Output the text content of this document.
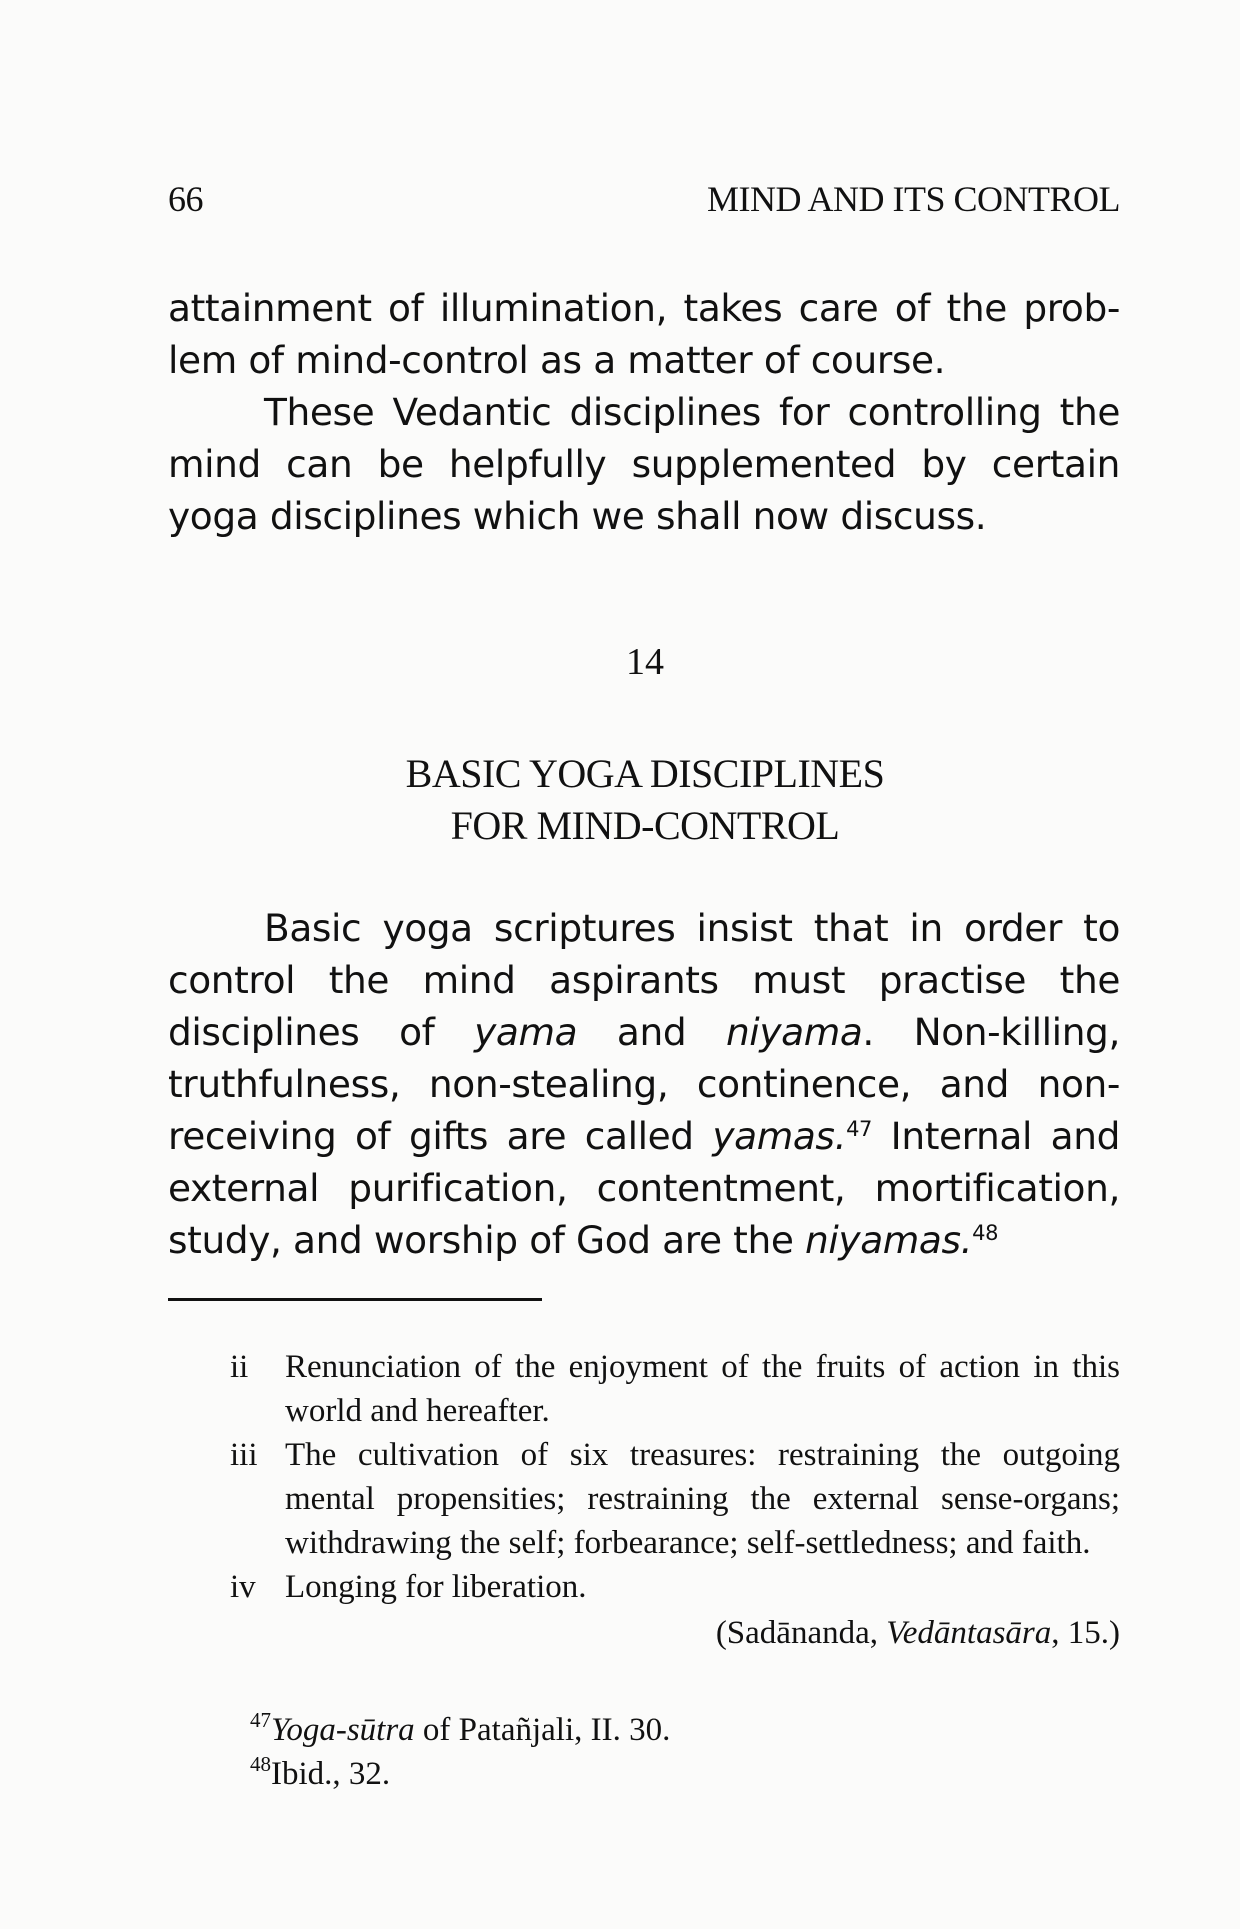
66	MIND AND ITS CONTROL
attainment of illumination, takes care of the prob-
lem of mind-control as a matter of course.

These Vedantic disciplines for controlling the mind can be helpfully supplemented by certain yoga disciplines which we shall now discuss.

14
BASIC YOGA DISCIPLINES
FOR MIND-CONTROL

Basic yoga scriptures insist that in order to control the mind aspirants must practise the disciplines of yama and niyama. Non-killing, truthfulness, non-stealing, continence, and non-receiving of gifts are called yamas.$^{47}$ Internal and external purification, contentment, mortification, study, and worship of God are the niyamas.$^{48}$

ii Renunciation of the enjoyment of the fruits of action in this world and hereafter.
iii The cultivation of six treasures: restraining the outgoing mental propensities; restraining the external sense-organs; withdrawing the self; forbearance; self-settledness; and faith.
iv Longing for liberation.
(Sadānanda, Vedāntasāra, 15.)
$^{47}$Yoga-sūtra of Patañjali, II. 30.
$^{48}$Ibid., 32.
